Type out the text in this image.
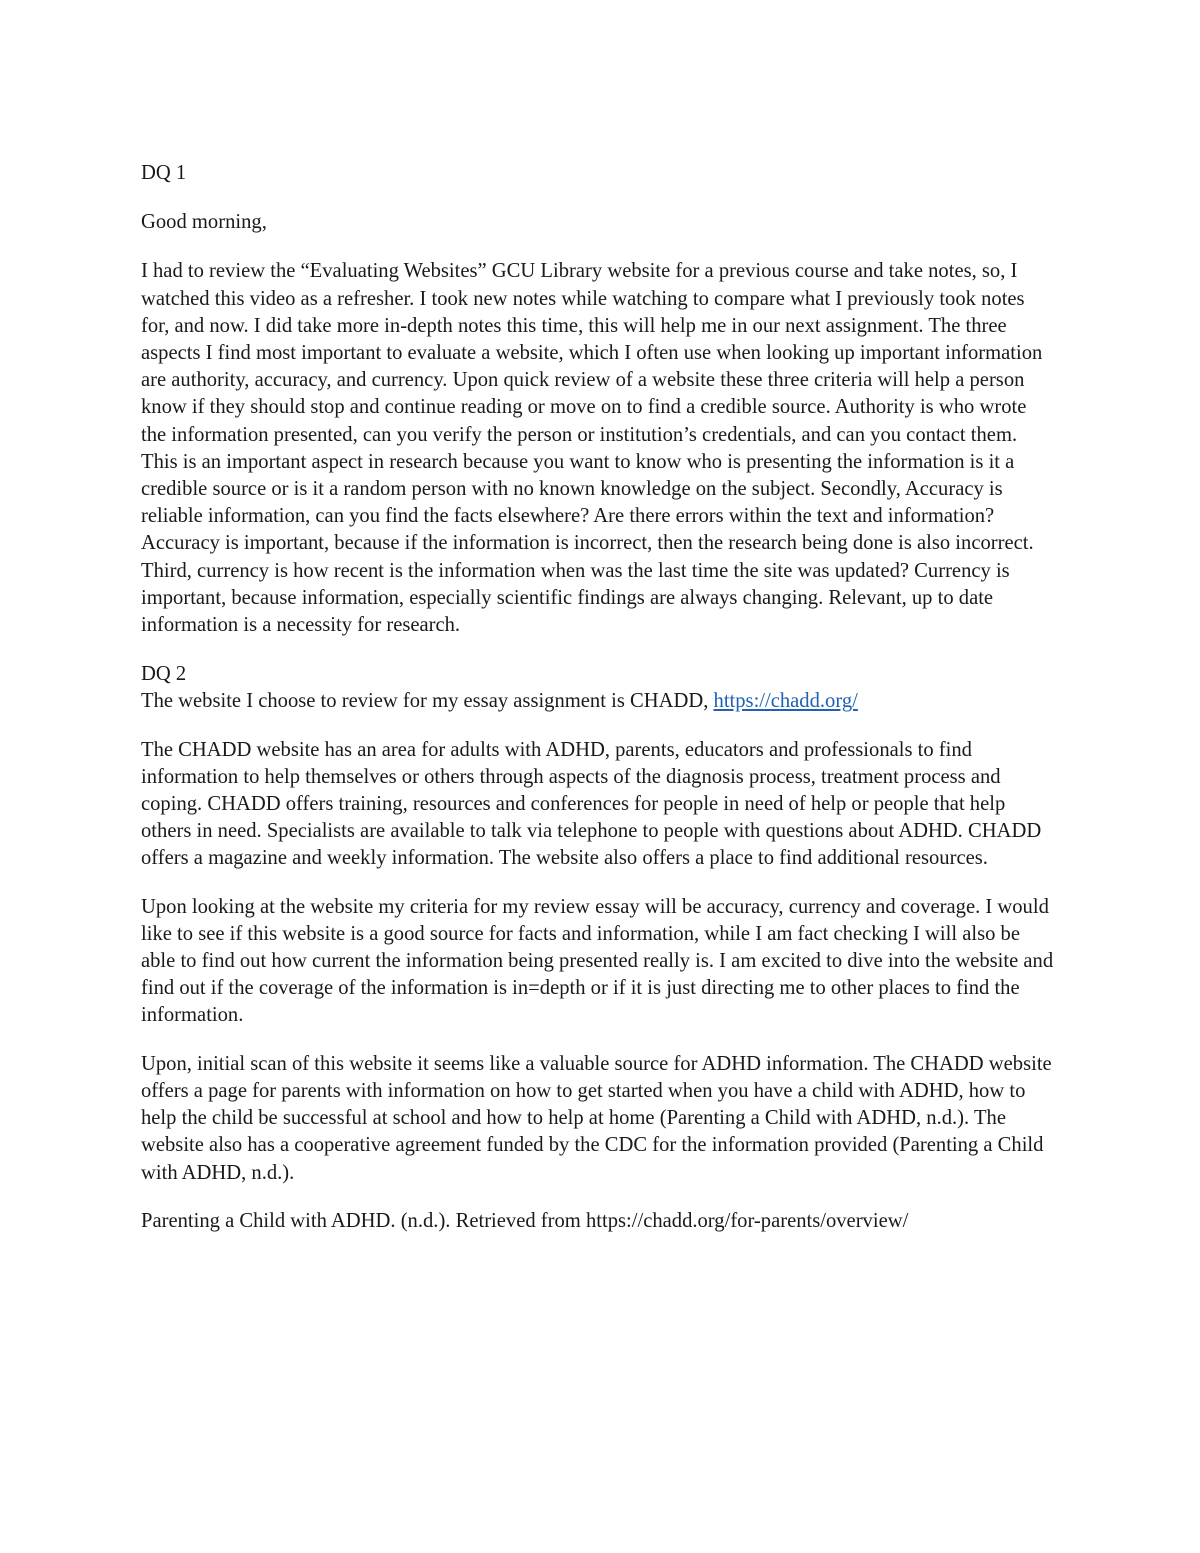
DQ 1

Good morning,

I had to review the “Evaluating Websites” GCU Library website for a previous course and take notes, so, I watched this video as a refresher. I took new notes while watching to compare what I previously took notes for, and now. I did take more in-depth notes this time, this will help me in our next assignment. The three aspects I find most important to evaluate a website, which I often use when looking up important information are authority, accuracy, and currency. Upon quick review of a website these three criteria will help a person know if they should stop and continue reading or move on to find a credible source. Authority is who wrote the information presented, can you verify the person or institution’s credentials, and can you contact them. This is an important aspect in research because you want to know who is presenting the information is it a credible source or is it a random person with no known knowledge on the subject. Secondly, Accuracy is reliable information, can you find the facts elsewhere? Are there errors within the text and information? Accuracy is important, because if the information is incorrect, then the research being done is also incorrect. Third, currency is how recent is the information when was the last time the site was updated? Currency is important, because information, especially scientific findings are always changing. Relevant, up to date information is a necessity for research.

DQ 2

The website I choose to review for my essay assignment is CHADD, https://chadd.org/

The CHADD website has an area for adults with ADHD, parents, educators and professionals to find information to help themselves or others through aspects of the diagnosis process, treatment process and coping. CHADD offers training, resources and conferences for people in need of help or people that help others in need. Specialists are available to talk via telephone to people with questions about ADHD. CHADD offers a magazine and weekly information. The website also offers a place to find additional resources.

Upon looking at the website my criteria for my review essay will be accuracy, currency and coverage. I would like to see if this website is a good source for facts and information, while I am fact checking I will also be able to find out how current the information being presented really is. I am excited to dive into the website and find out if the coverage of the information is in=depth or if it is just directing me to other places to find the information.

Upon, initial scan of this website it seems like a valuable source for ADHD information. The CHADD website offers a page for parents with information on how to get started when you have a child with ADHD, how to help the child be successful at school and how to help at home (Parenting a Child with ADHD, n.d.). The website also has a cooperative agreement funded by the CDC for the information provided (Parenting a Child with ADHD, n.d.).

Parenting a Child with ADHD. (n.d.). Retrieved from https://chadd.org/for-parents/overview/
